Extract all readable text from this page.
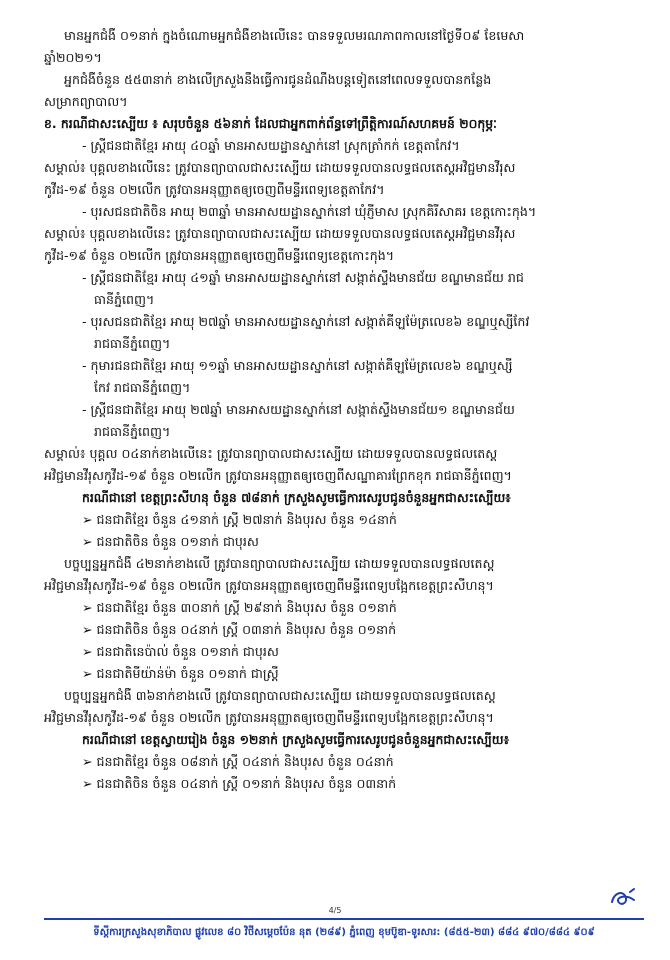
មានអ្នកជំងឺ ០១នាក់ ក្នុងចំណោមអ្នកជំងឺខាងលើនេះ បានទទួលមរណភាពកាលនៅថ្ងៃទី០៩ ខែមេសា
ឆ្នាំ២០២១។
អ្នកជំងឺចំនួន ៥៥៣នាក់ ខាងលើក្រសួងនឹងធ្វើការជូនដំណឹងបន្តទៀតនៅពេលទទួលបានកន្លែង
សម្រាកព្យាបាល។
ខ. ករណីជាសះស្បើយ ៖ សរុបចំនួន ៥៦នាក់ ដែលជាអ្នកពាក់ព័ន្ធទៅព្រឹត្តិការណ៍សហគមន៍ ២០កុម្ភៈ
- ស្ត្រីជនជាតិខ្មែរ អាយុ ៤០ឆ្នាំ មានអាសយដ្ឋានស្នាក់នៅ ស្រុកត្រាំកក់ ខេត្តតាកែវ។
សម្គាល់៖ បុគ្គលខាងលើនេះ ត្រូវបានព្យាបាលជាសះស្បើយ ដោយទទួលបានលទ្ធផលតេស្តអវិជ្ជមានវីរុស
កូវីដ-១៩ ចំនួន ០២លើក ត្រូវបានអនុញ្ញាតឲ្យចេញពីមន្ទីរពេទ្យខេត្តតាកែវ។
- បុរសជនជាតិចិន អាយុ ២៣ឆ្នាំ មានអាសយដ្ឋានស្នាក់នៅ ឃុំភ្ញីមាស ស្រុកគិរីសាគរ ខេត្តកោះកុង។
សម្គាល់៖ បុគ្គលខាងលើនេះ ត្រូវបានព្យាបាលជាសះស្បើយ ដោយទទួលបានលទ្ធផលតេស្តអវិជ្ជមានវីរុស
កូវីដ-១៩ ចំនួន ០២លើក ត្រូវបានអនុញ្ញាតឲ្យចេញពីមន្ទីរពេទ្យខេត្តកោះកុង។
- ស្ត្រីជនជាតិខ្មែរ អាយុ ៤១ឆ្នាំ មានអាសយដ្ឋានស្នាក់នៅ សង្កាត់ស្ទឹងមានជ័យ ខណ្ឌមានជ័យ រាជ
ធានីភ្នំពេញ។
- បុរសជនជាតិខ្មែរ អាយុ ២៧ឆ្នាំ មានអាសយដ្ឋានស្នាក់នៅ សង្កាត់គីឡូម៉ែត្រលេខ៦ ខណ្ឌឬស្សីកែវ
រាជធានីភ្នំពេញ។
- កុមារជនជាតិខ្មែរ អាយុ ១១ឆ្នាំ មានអាសយដ្ឋានស្នាក់នៅ សង្កាត់គីឡូម៉ែត្រលេខ៦ ខណ្ឌឬស្សី
កែវ រាជធានីភ្នំពេញ។
- ស្ត្រីជនជាតិខ្មែរ អាយុ ២៧ឆ្នាំ មានអាសយដ្ឋានស្នាក់នៅ សង្កាត់ស្ទឹងមានជ័យ១ ខណ្ឌមានជ័យ
រាជធានីភ្នំពេញ។
សម្គាល់៖ បុគ្គល ០៤នាក់ខាងលើនេះ ត្រូវបានព្យាបាលជាសះស្បើយ ដោយទទួលបានលទ្ធផលតេស្ត
អវិជ្ជមានវីរុសកូវីដ-១៩ ចំនួន ០២លើក ត្រូវបានអនុញ្ញាតឲ្យចេញពីសណ្ឋាគារព្រែកខុក រាជធានីភ្នំពេញ។
ករណីជានៅ ខេត្តព្រះសីហនុ ចំនួន ៧៨នាក់ ក្រសួងសូមធ្វើការសេរូបជូនចំនួនអ្នកជាសះស្បើយ៖
➢ ជនជាតិខ្មែរ ចំនួន ៤១នាក់ ស្ត្រី ២៧នាក់ និងបុរស ចំនួន ១៤នាក់
➢ ជនជាតិចិន ចំនួន ០១នាក់ ជាបុរស
បច្ចុប្បន្នអ្នកជំងឺ ៤២នាក់ខាងលើ ត្រូវបានព្យាបាលជាសះស្បើយ ដោយទទួលបានលទ្ធផលតេស្ត
អវិជ្ជមានវីរុសកូវីដ-១៩ ចំនួន ០២លើក ត្រូវបានអនុញ្ញាតឲ្យចេញពីមន្ទីរពេទ្យបង្អែកខេត្តព្រះសីហនុ។
➢ ជនជាតិខ្មែរ ចំនួន ៣០នាក់ ស្ត្រី ២៩នាក់ និងបុរស ចំនួន ០១នាក់
➢ ជនជាតិចិន ចំនួន ០៤នាក់ ស្ត្រី ០៣នាក់ និងបុរស ចំនួន ០១នាក់
➢ ជនជាតិនេប៉ាល់ ចំនួន ០១នាក់ ជាបុរស
➢ ជនជាតិមីយ៉ាន់ម៉ា ចំនួន ០១នាក់ ជាស្ត្រី
បច្ចុប្បន្នអ្នកជំងឺ ៣៦នាក់ខាងលើ ត្រូវបានព្យាបាលជាសះស្បើយ ដោយទទួលបានលទ្ធផលតេស្ត
អវិជ្ជមានវីរុសកូវីដ-១៩ ចំនួន ០២លើក ត្រូវបានអនុញ្ញាតឲ្យចេញពីមន្ទីរពេទ្យបង្អែកខេត្តព្រះសីហនុ។
ករណីជានៅ ខេត្តស្វាយរៀង ចំនួន ១២នាក់ ក្រសួងសូមធ្វើការសេរូបជូនចំនួនអ្នកជាសះស្បើយ៖
➢ ជនជាតិខ្មែរ ចំនួន ០៨នាក់ ស្ត្រី ០៤នាក់ និងបុរស ចំនួន ០៤នាក់
➢ ជនជាតិចិន ចំនួន ០៤នាក់ ស្ត្រី ០១នាក់ និងបុរស ចំនួន ០៣នាក់
4/5
ទីស្តីការក្រសួងសុខាភិបាល ផ្លូវលេខ ៨០ វិថីសម្តេចប៉ែន នុត (២៨៩) ភ្នំពេញ ខុមប៊ូឌា-ទូរសារ: (៨៥៥-២៣) ៨៨៤ ៩៧០/៨៨៤ ៩០៩
